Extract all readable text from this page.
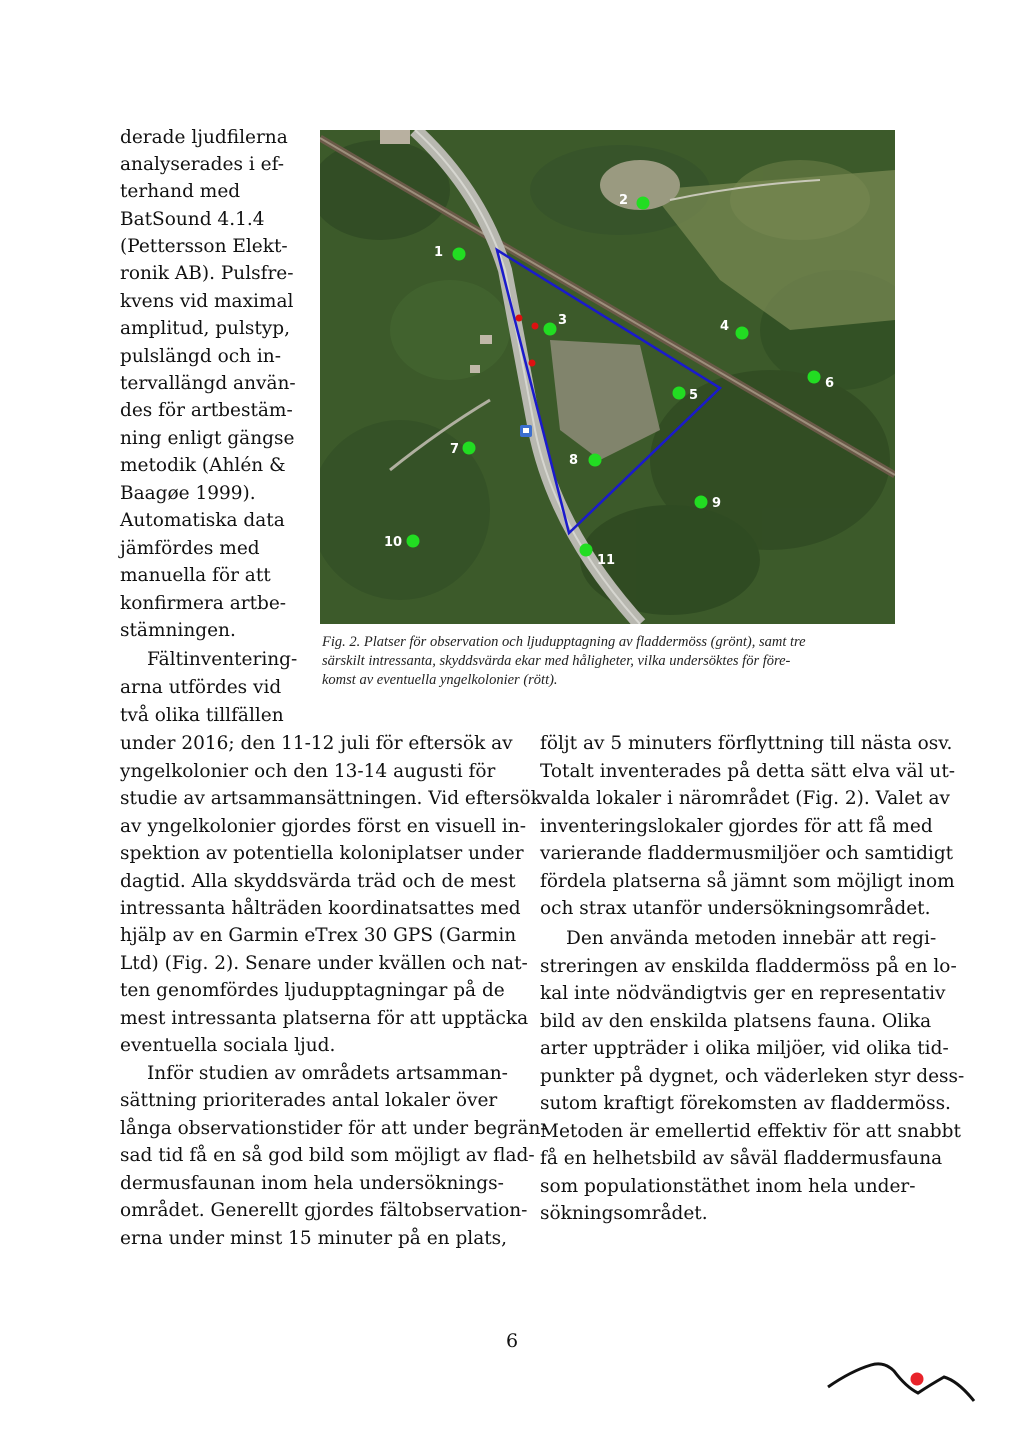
derade ljudfilerna
analyserades i ef-
terhand med
BatSound 4.1.4
(Pettersson Elekt-
ronik AB). Pulsfre-
kvens vid maximal
amplitud, pulstyp,
pulslängd och in-
tervallängd använ-
des för artbestäm-
ning enligt gängse
metodik (Ahlén &
Baagøe 1999).
Automatiska data
jämfördes med
manuella för att
konfirmera artbe-
stämningen.
Fältinventering-
arna utfördes vid
två olika tillfällen
under 2016; den 11-12 juli för eftersök av
yngelkolonier och den 13-14 augusti för
studie av artsammansättningen. Vid eftersök
av yngelkolonier gjordes först en visuell in-
spektion av potentiella koloniplatser under
dagtid. Alla skyddsvärda träd och de mest
intressanta hålträden koordinatsattes med
hjälp av en Garmin eTrex 30 GPS (Garmin
Ltd) (Fig. 2). Senare under kvällen och nat-
ten genomfördes ljudupptagningar på de
mest intressanta platserna för att upptäcka
eventuella sociala ljud.
Inför studien av områdets artsamman-
sättning prioriterades antal lokaler över
långa observationstider för att under begrän-
sad tid få en så god bild som möjligt av flad-
dermusfaunan inom hela undersöknings-
området. Generellt gjordes fältobservation-
erna under minst 15 minuter på en plats,
följt av 5 minuters förflyttning till nästa osv.
Totalt inventerades på detta sätt elva väl ut-
valda lokaler i närområdet (Fig. 2). Valet av
inventeringslokaler gjordes för att få med
varierande fladdermusmiljöer och samtidigt
fördela platserna så jämnt som möjligt inom
och strax utanför undersökningsområdet.
Den använda metoden innebär att regi-
streringen av enskilda fladdermöss på en lo-
kal inte nödvändigtvis ger en representativ
bild av den enskilda platsens fauna. Olika
arter uppträder i olika miljöer, vid olika tid-
punkter på dygnet, och väderleken styr dess-
sutom kraftigt förekomsten av fladdermöss.
Metoden är emellertid effektiv för att snabbt
få en helhetsbild av såväl fladdermusfauna
som populationstäthet inom hela under-
sökningsområdet.
1
2
3	4
5
6
7
8
9
10
11
Fig. 2. Platser för observation och ljudupptagning av fladdermöss (grönt), samt tre
särskilt intressanta, skyddsvärda ekar med håligheter, vilka undersöktes för före-
komst av eventuella yngelkolonier (rött).
6
